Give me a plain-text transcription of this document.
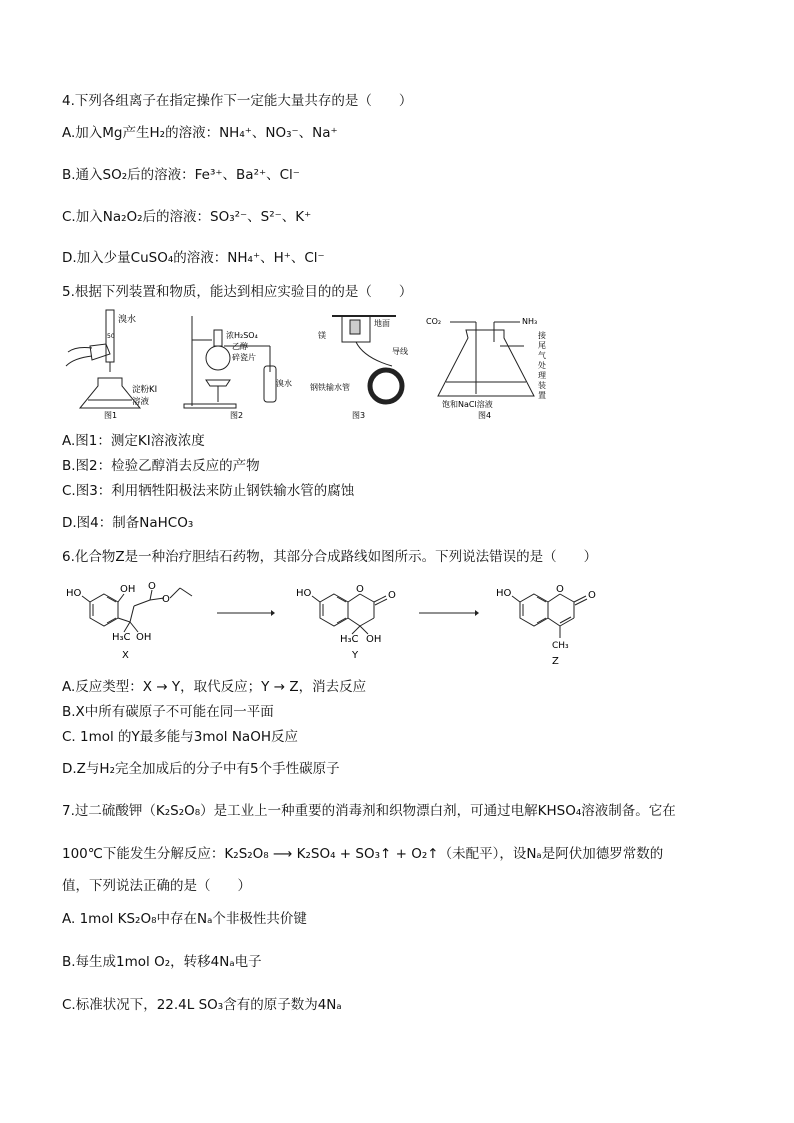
4.下列各组离子在指定操作下一定能大量共存的是（　　）
A.加入Mg产生H₂的溶液：NH₄⁺、NO₃⁻、Na⁺
B.通入SO₂后的溶液：Fe³⁺、Ba²⁺、Cl⁻
C.加入Na₂O₂后的溶液：SO₃²⁻、S²⁻、K⁺
D.加入少量CuSO₄的溶液：NH₄⁺、H⁺、Cl⁻
5.根据下列装置和物质，能达到相应实验目的的是（　　）
溴水
50
淀粉KI
溶液
图1
浓H₂SO₄
乙醇
碎瓷片
溴水
图2
镁
地面
导线
钢铁输水管
图3
CO₂	NH₃
接
尾
气
处
理
装
置
饱和NaCl溶液
图4
A.图1：测定KI溶液浓度
B.图2：检验乙醇消去反应的产物
C.图3：利用牺牲阳极法来防止钢铁输水管的腐蚀
D.图4：制备NaHCO₃
6.化合物Z是一种治疗胆结石药物，其部分合成路线如图所示。下列说法错误的是（　　）
HO	OH O
O
H₃C OH
X
HO	O
O
H₃C OH
Y
HO	O
O
CH₃
Z
A.反应类型：X → Y，取代反应；Y → Z，消去反应
B.X中所有碳原子不可能在同一平面
C. 1mol 的Y最多能与3mol NaOH反应
D.Z与H₂完全加成后的分子中有5个手性碳原子
7.过二硫酸钾（K₂S₂O₈）是工业上一种重要的消毒剂和织物漂白剂，可通过电解KHSO₄溶液制备。它在
100℃下能发生分解反应：K₂S₂O₈ ⟶ K₂SO₄ + SO₃↑ + O₂↑（未配平），设Nₐ是阿伏加德罗常数的
值，下列说法正确的是（　　）
A. 1mol KS₂O₈中存在Nₐ个非极性共价键
B.每生成1mol O₂，转移4Nₐ电子
C.标准状况下，22.4L SO₃含有的原子数为4Nₐ
